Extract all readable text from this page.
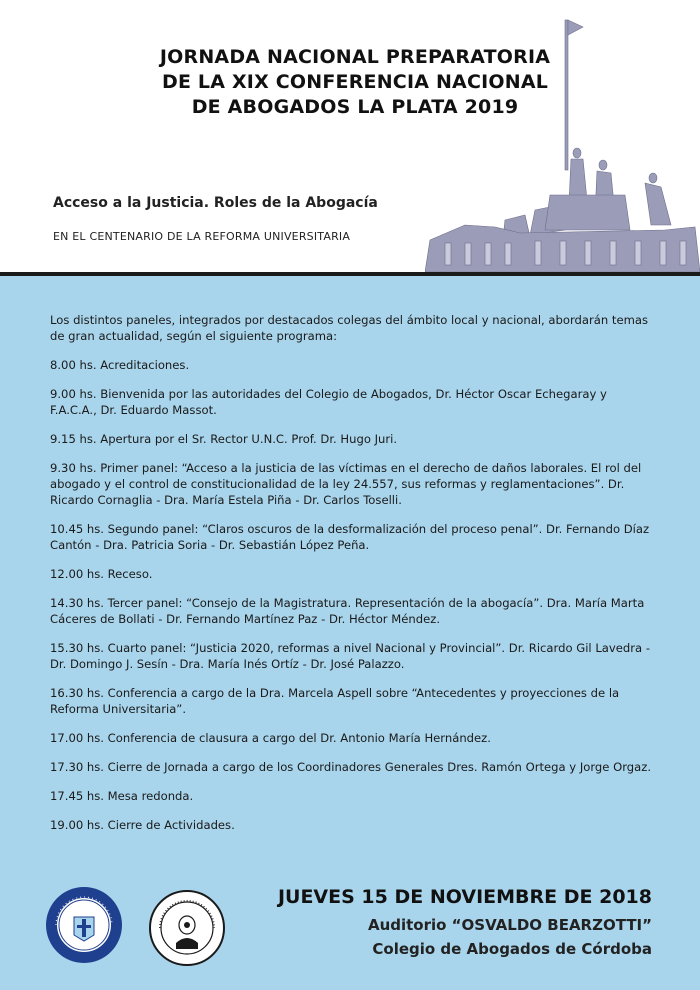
JORNADA NACIONAL PREPARATORIA
DE LA XIX CONFERENCIA NACIONAL
DE ABOGADOS LA PLATA 2019
Acceso a la Justicia. Roles de la Abogacía
EN EL CENTENARIO DE LA REFORMA UNIVERSITARIA

Los distintos paneles, integrados por destacados colegas del ámbito local y nacional, abordarán temas de gran actualidad, según el siguiente programa:

8.00 hs. Acreditaciones.

9.00 hs. Bienvenida por las autoridades del Colegio de Abogados, Dr. Héctor Oscar Echegaray y F.A.C.A., Dr. Eduardo Massot.

9.15 hs. Apertura por el Sr. Rector U.N.C. Prof. Dr. Hugo Juri.

9.30 hs. Primer panel: “Acceso a la justicia de las víctimas en el derecho de daños laborales. El rol del abogado y el control de constitucionalidad de la ley 24.557, sus reformas y reglamentaciones”. Dr. Ricardo Cornaglia - Dra. María Estela Piña - Dr. Carlos Toselli.

10.45 hs. Segundo panel: “Claros oscuros de la desformalización del proceso penal”. Dr. Fernando Díaz Cantón - Dra. Patricia Soria - Dr. Sebastián López Peña.

12.00 hs. Receso.

14.30 hs. Tercer panel: “Consejo de la Magistratura. Representación de la abogacía”. Dra. María Marta Cáceres de Bollati - Dr. Fernando Martínez Paz - Dr. Héctor Méndez.

15.30 hs. Cuarto panel: “Justicia 2020, reformas a nivel Nacional y Provincial”. Dr. Ricardo Gil Lavedra - Dr. Domingo J. Sesín - Dra. María Inés Ortíz - Dr. José Palazzo.

16.30 hs. Conferencia a cargo de la Dra. Marcela Aspell sobre “Antecedentes y proyecciones de la Reforma Universitaria”.

17.00 hs. Conferencia de clausura a cargo del Dr. Antonio María Hernández.

17.30 hs. Cierre de Jornada a cargo de los Coordinadores Generales Dres. Ramón Ortega y Jorge Orgaz.

17.45 hs. Mesa redonda.

19.00 hs. Cierre de Actividades.

JUEVES 15 DE NOVIEMBRE DE 2018
Auditorio “OSVALDO BEARZOTTI”
Colegio de Abogados de Córdoba
